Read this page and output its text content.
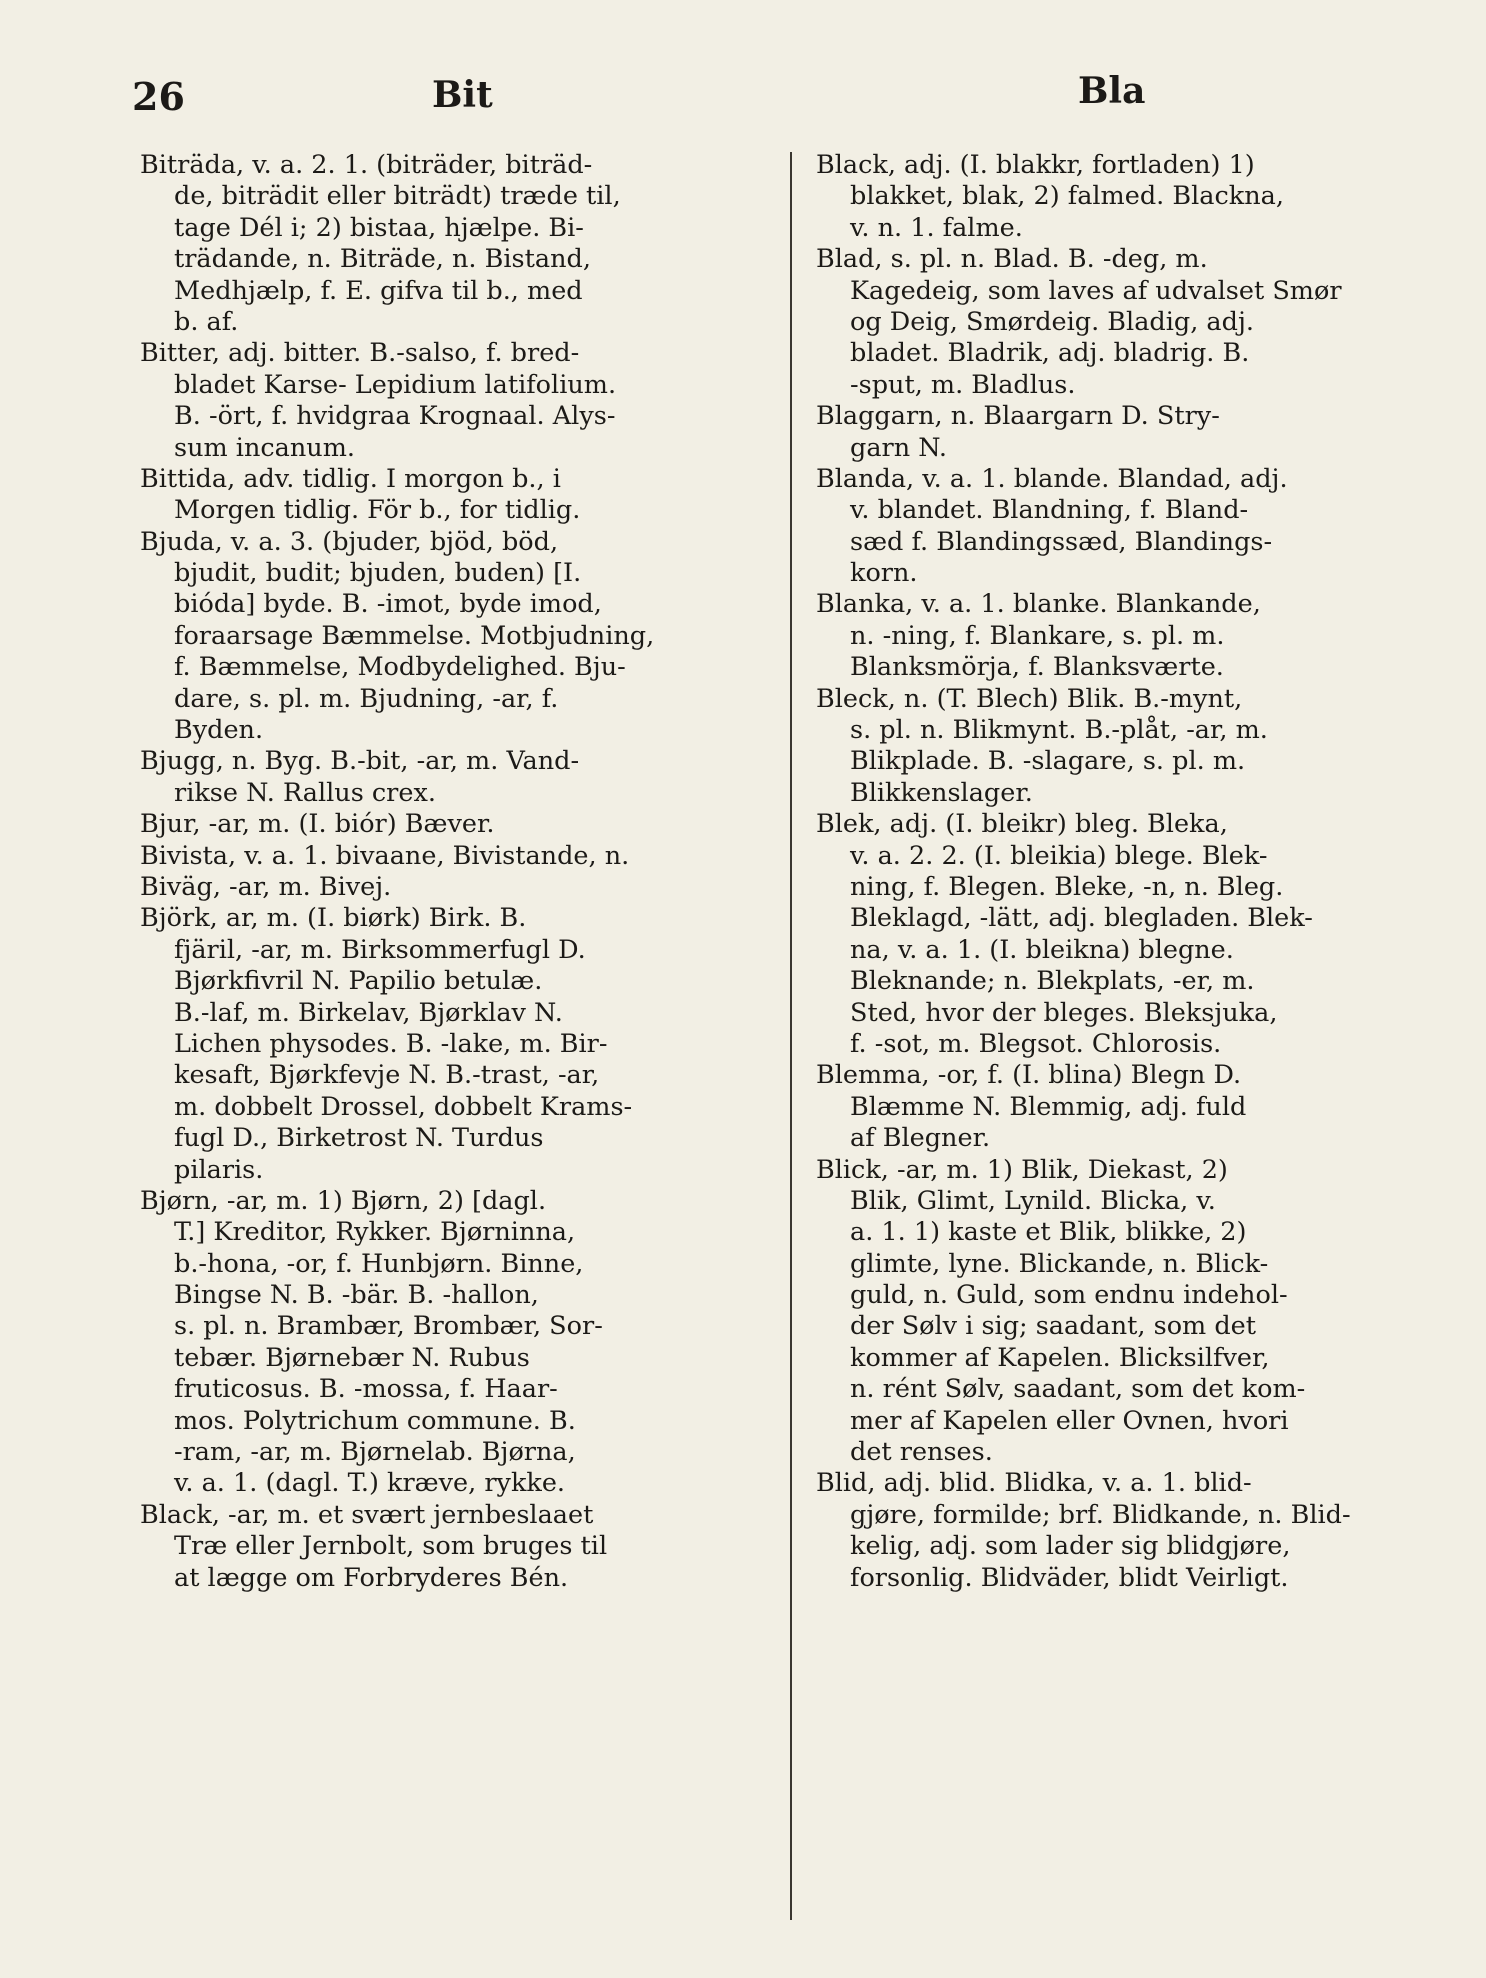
26	Bit	Bla
Biträda, v. a. 2. 1. (biträder, biträd-
de, biträdit eller biträdt) træde til,
tage Dél i; 2) bistaa, hjælpe. Bi-
trädande, n. Biträde, n. Bistand,
Medhjælp, f. E. gifva til b., med
b. af.
Bitter, adj. bitter. B.-salso, f. bred-
bladet Karse- Lepidium latifolium.
B. -ört, f. hvidgraa Krognaal. Alys-
sum incanum.
Bittida, adv. tidlig. I morgon b., i
Morgen tidlig. För b., for tidlig.
Bjuda, v. a. 3. (bjuder, bjöd, böd,
bjudit, budit; bjuden, buden) [I.
bióda] byde. B. -imot, byde imod,
foraarsage Bæmmelse. Motbjudning,
f. Bæmmelse, Modbydelighed. Bju-
dare, s. pl. m. Bjudning, -ar, f.
Byden.
Bjugg, n. Byg. B.-bit, -ar, m. Vand-
rikse N. Rallus crex.
Bjur, -ar, m. (I. biór) Bæver.
Bivista, v. a. 1. bivaane, Bivistande, n.
Biväg, -ar, m. Bivej.
Björk, ar, m. (I. biørk) Birk. B.
fjäril, -ar, m. Birksommerfugl D.
Bjørkfivril N. Papilio betulæ.
B.-laf, m. Birkelav, Bjørklav N.
Lichen physodes. B. -lake, m. Bir-
kesaft, Bjørkfevje N. B.-trast, -ar,
m. dobbelt Drossel, dobbelt Krams-
fugl D., Birketrost N. Turdus
pilaris.
Bjørn, -ar, m. 1) Bjørn, 2) [dagl.
T.] Kreditor, Rykker. Bjørninna,
b.-hona, -or, f. Hunbjørn. Binne,
Bingse N. B. -bär. B. -hallon,
s. pl. n. Brambær, Brombær, Sor-
tebær. Bjørnebær N. Rubus
fruticosus. B. -mossa, f. Haar-
mos. Polytrichum commune. B.
-ram, -ar, m. Bjørnelab. Bjørna,
v. a. 1. (dagl. T.) kræve, rykke.
Black, -ar, m. et svært jernbeslaaet
Træ eller Jernbolt, som bruges til
at lægge om Forbryderes Bén.
Black, adj. (I. blakkr, fortladen) 1)
blakket, blak, 2) falmed. Blackna,
v. n. 1. falme.
Blad, s. pl. n. Blad. B. -deg, m.
Kagedeig, som laves af udvalset Smør
og Deig, Smørdeig. Bladig, adj.
bladet. Bladrik, adj. bladrig. B.
-sput, m. Bladlus.
Blaggarn, n. Blaargarn D. Stry-
garn N.
Blanda, v. a. 1. blande. Blandad, adj.
v. blandet. Blandning, f. Bland-
sæd f. Blandingssæd, Blandings-
korn.
Blanka, v. a. 1. blanke. Blankande,
n. -ning, f. Blankare, s. pl. m.
Blanksmörja, f. Blanksværte.
Bleck, n. (T. Blech) Blik. B.-mynt,
s. pl. n. Blikmynt. B.-plåt, -ar, m.
Blikplade. B. -slagare, s. pl. m.
Blikkenslager.
Blek, adj. (I. bleikr) bleg. Bleka,
v. a. 2. 2. (I. bleikia) blege. Blek-
ning, f. Blegen. Bleke, -n, n. Bleg.
Bleklagd, -lätt, adj. blegladen. Blek-
na, v. a. 1. (I. bleikna) blegne.
Bleknande; n. Blekplats, -er, m.
Sted, hvor der bleges. Bleksjuka,
f. -sot, m. Blegsot. Chlorosis.
Blemma, -or, f. (I. blina) Blegn D.
Blæmme N. Blemmig, adj. fuld
af Blegner.
Blick, -ar, m. 1) Blik, Diekast, 2)
Blik, Glimt, Lynild. Blicka, v.
a. 1. 1) kaste et Blik, blikke, 2)
glimte, lyne. Blickande, n. Blick-
guld, n. Guld, som endnu indehol-
der Sølv i sig; saadant, som det
kommer af Kapelen. Blicksilfver,
n. rént Sølv, saadant, som det kom-
mer af Kapelen eller Ovnen, hvori
det renses.
Blid, adj. blid. Blidka, v. a. 1. blid-
gjøre, formilde; brf. Blidkande, n. Blid-
kelig, adj. som lader sig blidgjøre,
forsonlig. Blidväder, blidt Veirligt.
